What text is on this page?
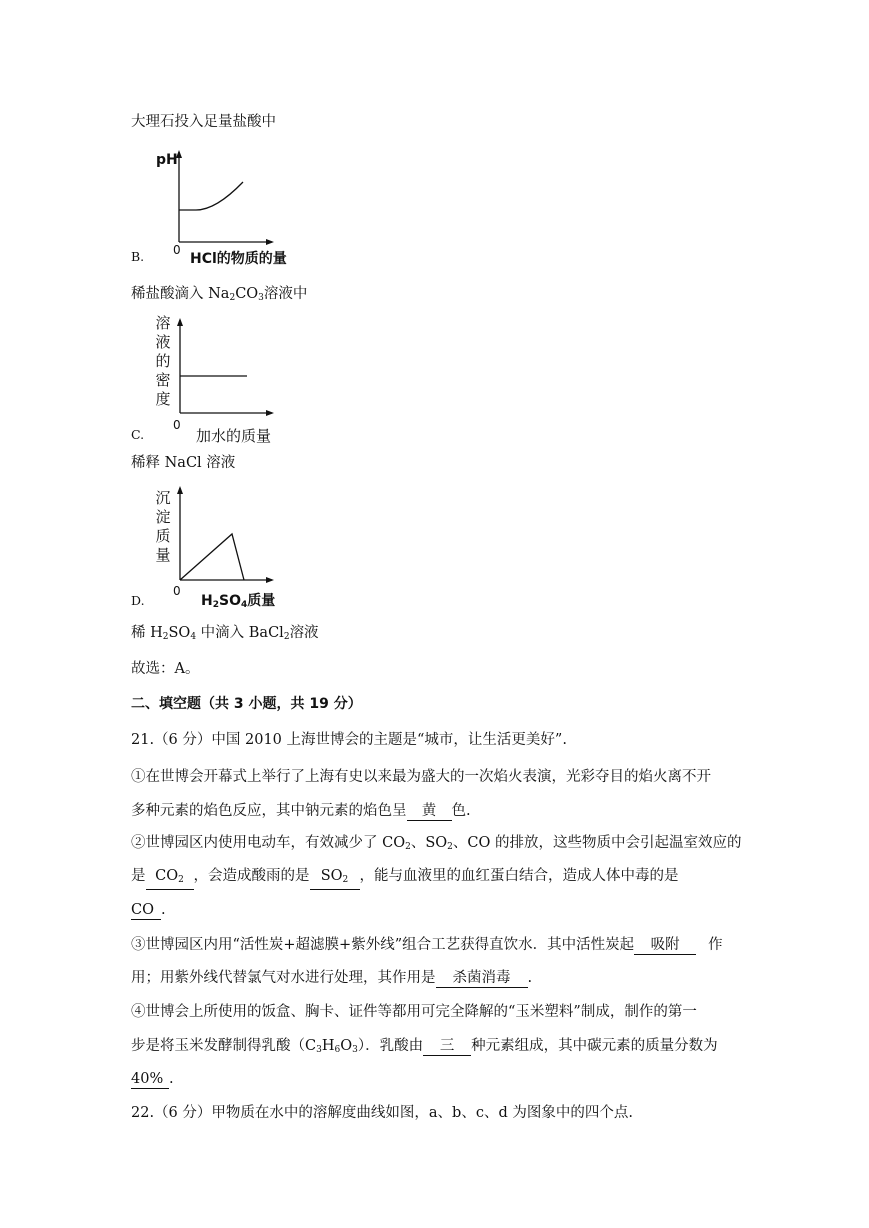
大理石投入足量盐酸中
B.
pH
0
HCl的物质的量
稀盐酸滴入 $Na_2CO_3$溶液中
C.
溶
液
的
密
度
0
加水的质量
稀释 NaCl 溶液
D.
沉
淀
质
量
0
$H_2SO_4$质量
稀 $H_2SO_4$ 中滴入 BaCl$_2$溶液
故选：A。
二、填空题（共 3 小题，共 19 分）
21.（6 分）中国 2010 上海世博会的主题是“城市，让生活更美好”.
①在世博会开幕式上举行了上海有史以来最为盛大的一次焰火表演，光彩夺目的焰火离不开
多种元素的焰色反应，其中钠元素的焰色呈 黄 色.
②世博园区内使用电动车，有效减少了 $CO_2$、$SO_2$、CO 的排放，这些物质中会引起温室效应的
是 $CO_2$ ，会造成酸雨的是 $SO_2$ ，能与血液里的血红蛋白结合，造成人体中毒的是
CO .
③世博园区内用“活性炭+超滤膜+紫外线”组合工艺获得直饮水．其中活性炭起 吸附 作
用；用紫外线代替氯气对水进行处理，其作用是 杀菌消毒 .
④世博会上所使用的饭盒、胸卡、证件等都用可完全降解的“玉米塑料”制成，制作的第一
步是将玉米发酵制得乳酸$(C_3H_6O_3)$．乳酸由 三 种元素组成，其中碳元素的质量分数为
40% .
22.（6 分）甲物质在水中的溶解度曲线如图，a、b、c、d 为图象中的四个点.
